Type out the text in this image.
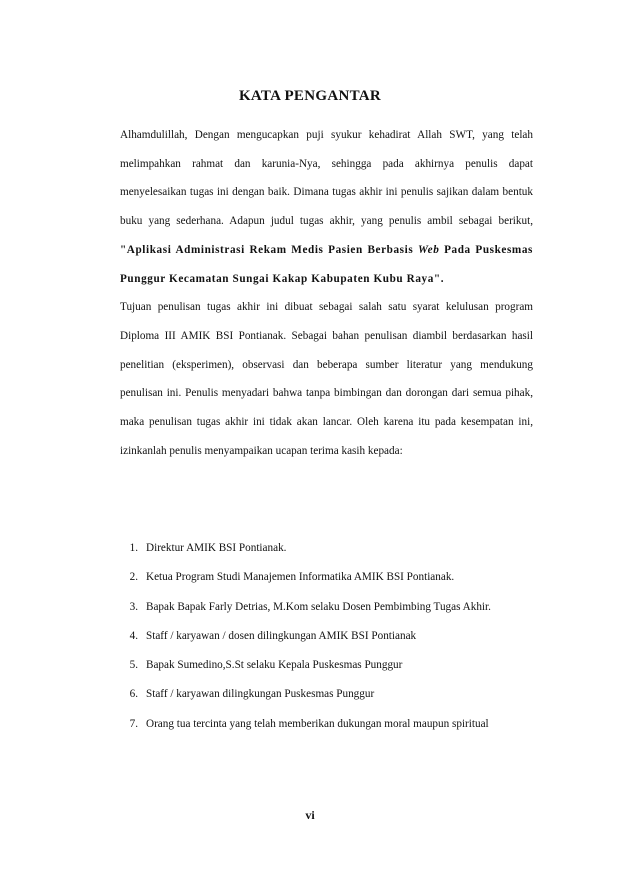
KATA PENGANTAR

Alhamdulillah, Dengan mengucapkan puji syukur kehadirat Allah SWT, yang telah melimpahkan rahmat dan karunia-Nya, sehingga pada akhirnya penulis dapat menyelesaikan tugas ini dengan baik. Dimana tugas akhir ini penulis sajikan dalam bentuk buku yang sederhana. Adapun judul tugas akhir, yang penulis ambil sebagai berikut, "Aplikasi Administrasi Rekam Medis Pasien Berbasis Web Pada Puskesmas Punggur Kecamatan Sungai Kakap Kabupaten Kubu Raya".

Tujuan penulisan tugas akhir ini dibuat sebagai salah satu syarat kelulusan program Diploma III AMIK BSI Pontianak. Sebagai bahan penulisan diambil berdasarkan hasil penelitian (eksperimen), observasi dan beberapa sumber literatur yang mendukung penulisan ini. Penulis menyadari bahwa tanpa bimbingan dan dorongan dari semua pihak, maka penulisan tugas akhir ini tidak akan lancar. Oleh karena itu pada kesempatan ini, izinkanlah penulis menyampaikan ucapan terima kasih kepada:

1. Direktur AMIK BSI Pontianak.
2. Ketua Program Studi Manajemen Informatika AMIK BSI Pontianak.
3. Bapak Bapak Farly Detrias, M.Kom selaku Dosen Pembimbing Tugas Akhir.
4. Staff / karyawan / dosen dilingkungan AMIK BSI Pontianak
5. Bapak Sumedino,S.St selaku Kepala Puskesmas Punggur
6. Staff / karyawan dilingkungan Puskesmas Punggur
7. Orang tua tercinta yang telah memberikan dukungan moral maupun spiritual
vi
